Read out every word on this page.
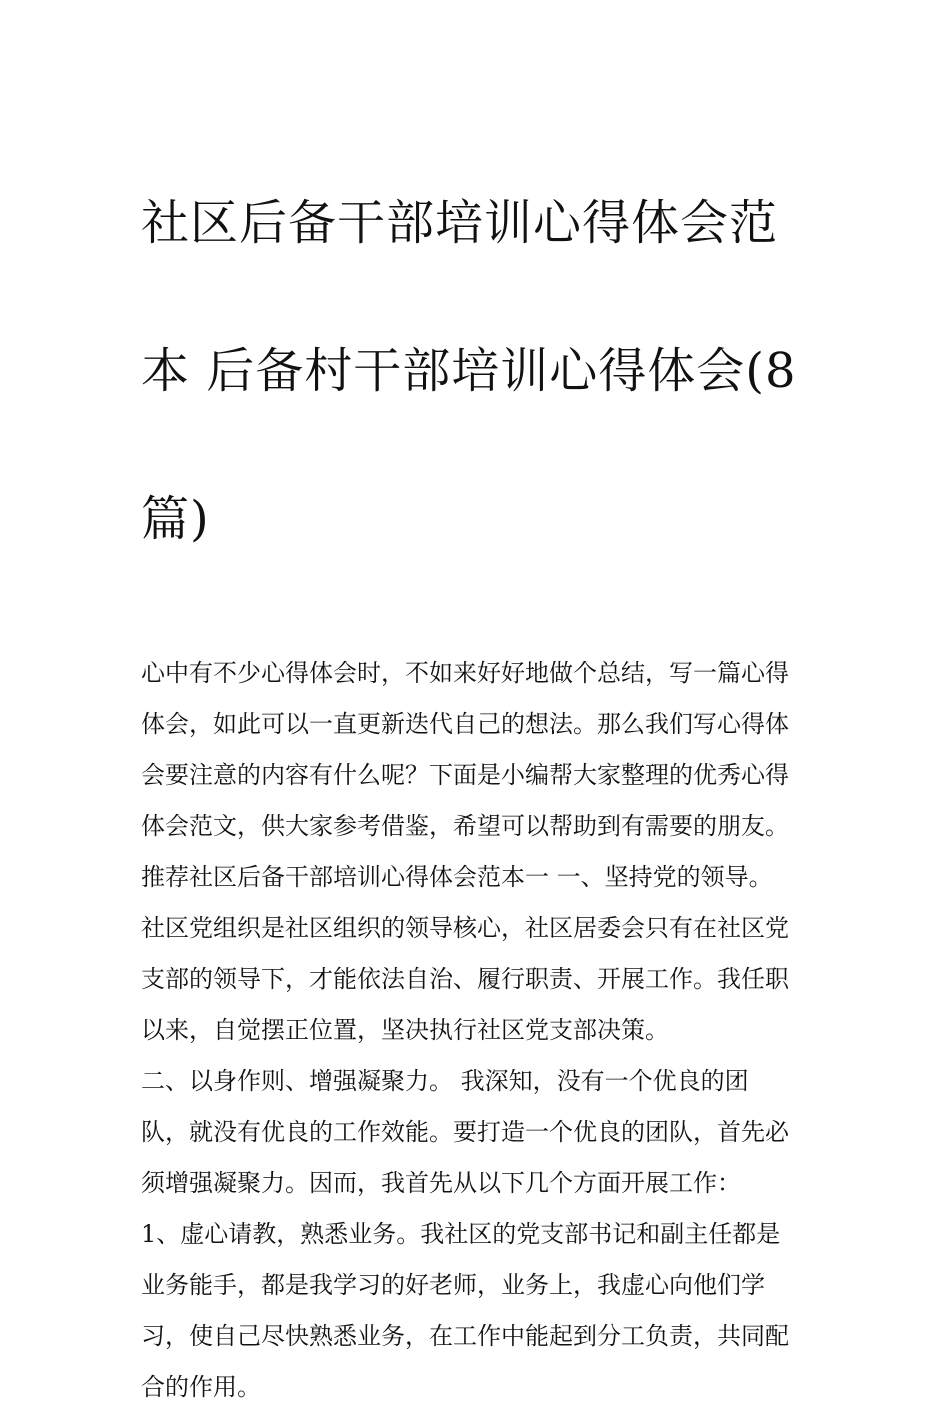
社区后备干部培训心得体会范

本 后备村干部培训心得体会(8

篇)

心中有不少心得体会时，不如来好好地做个总结，写一篇心得
体会，如此可以一直更新迭代自己的想法。那么我们写心得体
会要注意的内容有什么呢？下面是小编帮大家整理的优秀心得
体会范文，供大家参考借鉴，希望可以帮助到有需要的朋友。
推荐社区后备干部培训心得体会范本一 一、坚持党的领导。
社区党组织是社区组织的领导核心，社区居委会只有在社区党
支部的领导下，才能依法自治、履行职责、开展工作。我任职
以来，自觉摆正位置，坚决执行社区党支部决策。
二、以身作则、增强凝聚力。 我深知，没有一个优良的团
队，就没有优良的工作效能。要打造一个优良的团队，首先必
须增强凝聚力。因而，我首先从以下几个方面开展工作：
1、虚心请教，熟悉业务。我社区的党支部书记和副主任都是
业务能手，都是我学习的好老师，业务上，我虚心向他们学
习，使自己尽快熟悉业务，在工作中能起到分工负责，共同配
合的作用。
